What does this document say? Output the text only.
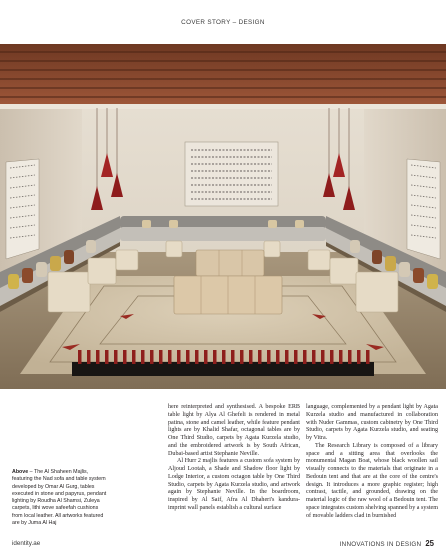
COVER STORY – DESIGN
Above – The Al Shaheen Majlis, featuring the Nad sofa and table system developed by Omar Al Gurg, tables executed in stone and papyrus, pendant lighting by Roudha Al Shamsi, Zuleya carpets, lithi wove safeefah cushions from local leather. All artworks featured are by Juma Al Haj

here reinterpreted and synthesised. A bespoke ERB table light by Alya Al Ghefeli is rendered in metal patina, stone and camel leather, while feature pendant lights are by Khalid Shafar, octagonal tables are by One Third Studio, carpets by Agata Kurzela studio, and the embroidered artwork is by South African, Dubai-based artist Stephanie Neville.

Al Hurr 2 majlis features a custom sofa system by Aljoud Lootah, a Shade and Shadow floor light by Lodge Interior, a custom octagon table by One Third Studio, carpets by Agata Kurzela studio, and artwork again by Stephanie Neville. In the boardroom, inspired by Al Saif, Afra Al Dhaheri's kandura-imprint wall panels establish a cultural surface

language, complemented by a pendant light by Agata Kurzela studio and manufactured in collaboration with Nuder Gammas, custom cabinetry by One Third Studio, carpets by Agata Kurzela studio, and seating by Vitra.

The Research Library is composed of a library space and a sitting area that overlooks the monumental Magan Boat, whose black woollen sail visually connects to the materials that originate in a Bedouin tent and that are at the core of the centre's design. It introduces a more graphic register; high contrast, tactile, and grounded, drawing on the material logic of the raw wool of a Bedouin tent. The space integrates custom shelving spanned by a system of movable ladders clad in burnished

identity.ae	INNOVATIONS IN DESIGN 25
